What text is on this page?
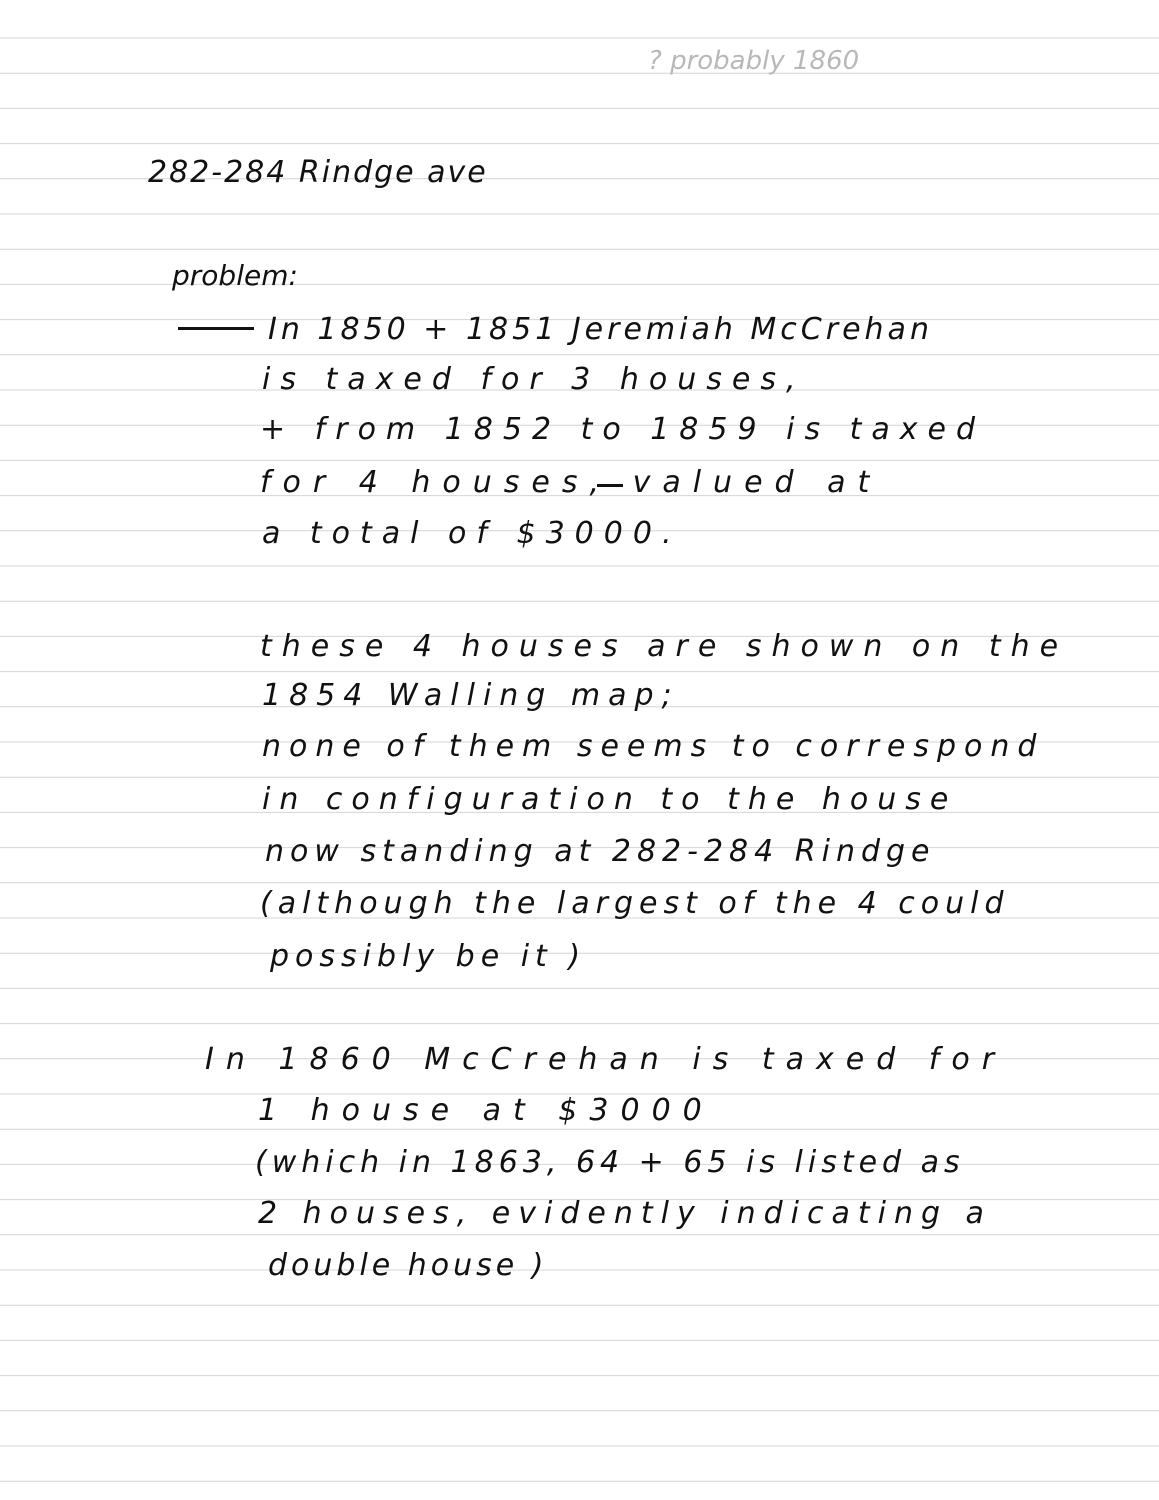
? probably 1860
282-284 Rindge ave
problem:
In 1850 + 1851 Jeremiah McCrehan
is taxed for 3 houses,
+ from 1852 to 1859 is taxed
for 4 houses, valued at
a total of $3000.
these 4 houses are shown on the
1854 Walling map;
none of them seems to correspond
in configuration to the house
now standing at 282-284 Rindge
(although the largest of the 4 could
possibly be it )
In 1860 McCrehan is taxed for
1 house at $3000
(which in 1863, 64 + 65 is listed as
2 houses, evidently indicating a
double house )
